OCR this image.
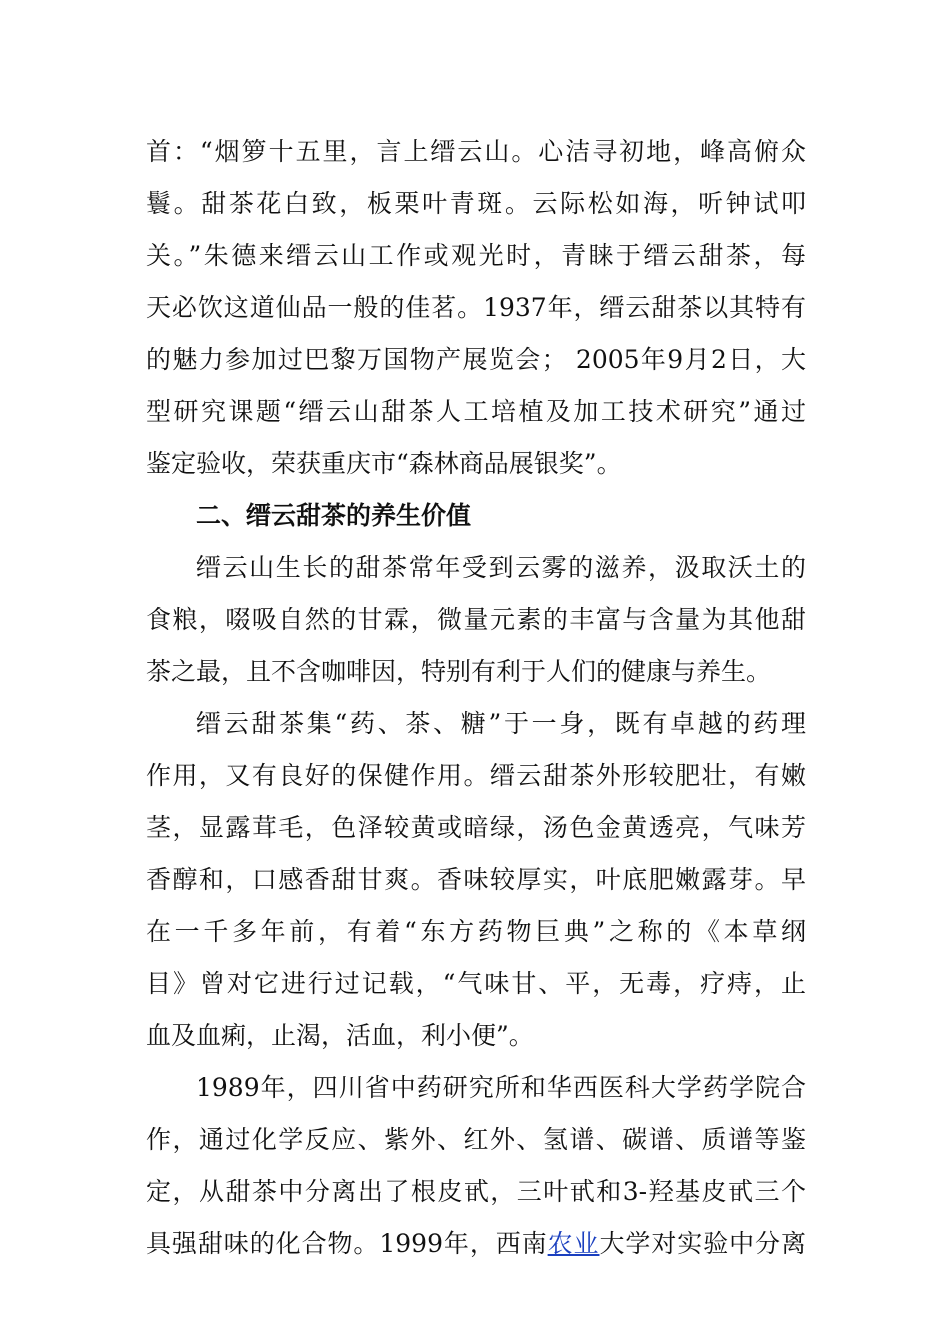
首：“烟箩十五里，言上缙云山。心洁寻初地，峰高俯众
鬟。甜茶花白致，板栗叶青斑。云际松如海，听钟试叩
关。”朱德来缙云山工作或观光时，青睐于缙云甜茶，每
天必饮这道仙品一般的佳茗。1937年，缙云甜茶以其特有
的魅力参加过巴黎万国物产展览会； 2005年9月2日，大
型研究课题“缙云山甜茶人工培植及加工技术研究”通过
鉴定验收，荣获重庆市“森林商品展银奖”。
二、缙云甜茶的养生价值
缙云山生长的甜茶常年受到云雾的滋养，汲取沃土的
食粮，啜吸自然的甘霖，微量元素的丰富与含量为其他甜
茶之最，且不含咖啡因，特别有利于人们的健康与养生。
缙云甜茶集“药、茶、糖”于一身，既有卓越的药理
作用，又有良好的保健作用。缙云甜茶外形较肥壮，有嫩
茎，显露茸毛，色泽较黄或暗绿，汤色金黄透亮，气味芳
香醇和，口感香甜甘爽。香味较厚实，叶底肥嫩露芽。早
在一千多年前，有着“东方药物巨典”之称的《本草纲
目》曾对它进行过记载，“气味甘、平，无毒，疗痔，止
血及血痢，止渴，活血，利小便”。
1989年，四川省中药研究所和华西医科大学药学院合
作，通过化学反应、紫外、红外、氢谱、碳谱、质谱等鉴
定，从甜茶中分离出了根皮甙，三叶甙和3-羟基皮甙三个
具强甜味的化合物。1999年，西南农业大学对实验中分离
